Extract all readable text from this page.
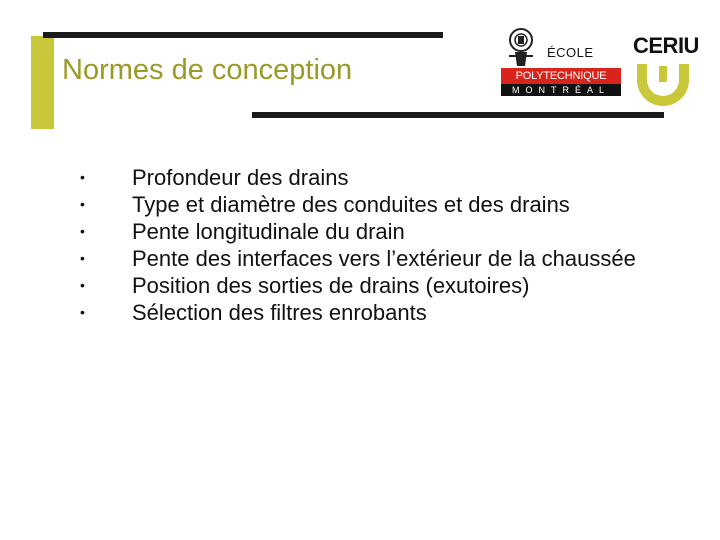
Normes de conception
ÉCOLE
POLYTECHNIQUE
MONTRÉAL
CERIU
• Profondeur des drains
• Type et diamètre des conduites et des drains
• Pente longitudinale du drain
• Pente des interfaces vers l’extérieur de la chaussée
• Position des sorties de drains (exutoires)
• Sélection des filtres enrobants
